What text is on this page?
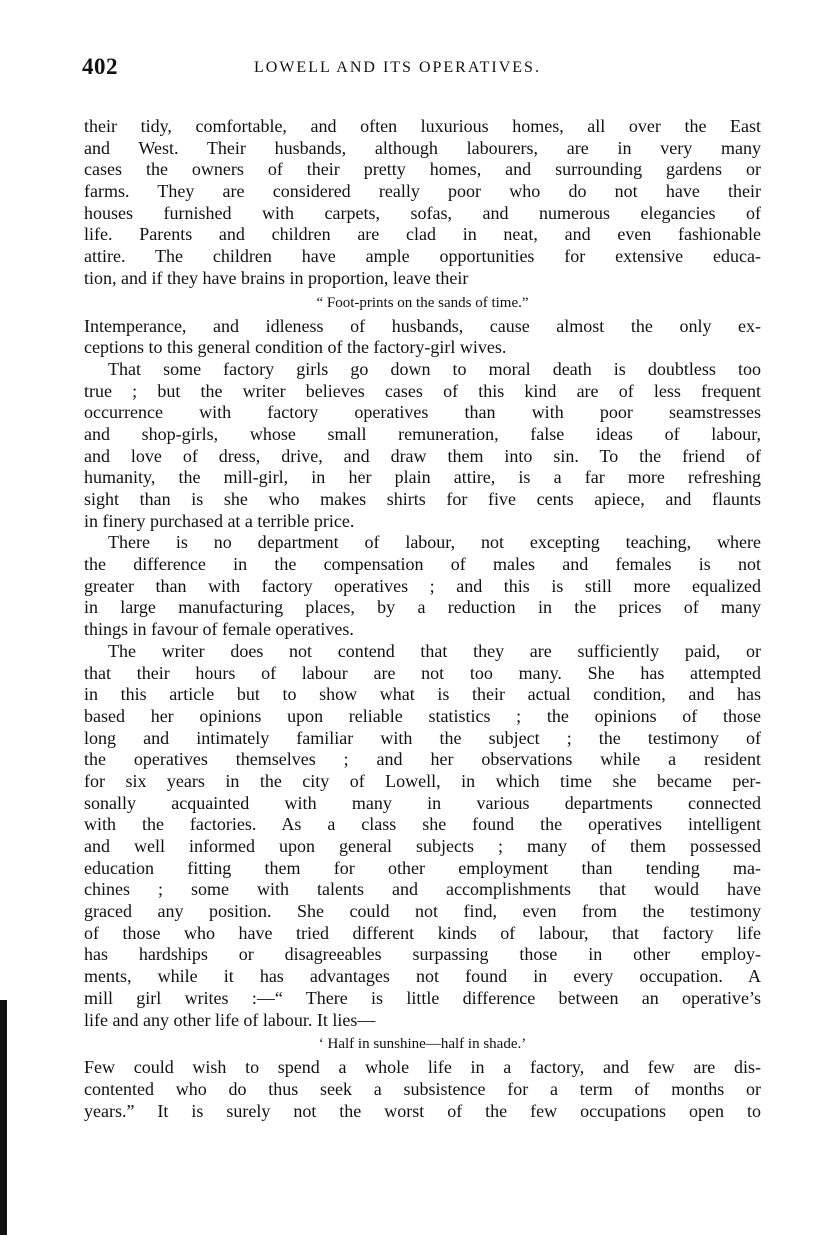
402	LOWELL AND ITS OPERATIVES.
their tidy, comfortable, and often luxurious homes, all over the East
and West. Their husbands, although labourers, are in very many
cases the owners of their pretty homes, and surrounding gardens or
farms. They are considered really poor who do not have their
houses furnished with carpets, sofas, and numerous elegancies of
life. Parents and children are clad in neat, and even fashionable
attire. The children have ample opportunities for extensive educa-
tion, and if they have brains in proportion, leave their
“ Foot-prints on the sands of time.”
Intemperance, and idleness of husbands, cause almost the only ex-
ceptions to this general condition of the factory-girl wives.
That some factory girls go down to moral death is doubtless too
true ; but the writer believes cases of this kind are of less frequent
occurrence with factory operatives than with poor seamstresses
and shop-girls, whose small remuneration, false ideas of labour,
and love of dress, drive, and draw them into sin. To the friend of
humanity, the mill-girl, in her plain attire, is a far more refreshing
sight than is she who makes shirts for five cents apiece, and flaunts
in finery purchased at a terrible price.
There is no department of labour, not excepting teaching, where
the difference in the compensation of males and females is not
greater than with factory operatives ; and this is still more equalized
in large manufacturing places, by a reduction in the prices of many
things in favour of female operatives.
The writer does not contend that they are sufficiently paid, or
that their hours of labour are not too many. She has attempted
in this article but to show what is their actual condition, and has
based her opinions upon reliable statistics ; the opinions of those
long and intimately familiar with the subject ; the testimony of
the operatives themselves ; and her observations while a resident
for six years in the city of Lowell, in which time she became per-
sonally acquainted with many in various departments connected
with the factories. As a class she found the operatives intelligent
and well informed upon general subjects ; many of them possessed
education fitting them for other employment than tending ma-
chines ; some with talents and accomplishments that would have
graced any position. She could not find, even from the testimony
of those who have tried different kinds of labour, that factory life
has hardships or disagreeables surpassing those in other employ-
ments, while it has advantages not found in every occupation. A
mill girl writes :—“ There is little difference between an operative’s
life and any other life of labour. It lies—
‘ Half in sunshine—half in shade.’
Few could wish to spend a whole life in a factory, and few are dis-
contented who do thus seek a subsistence for a term of months or
years.” It is surely not the worst of the few occupations open to
